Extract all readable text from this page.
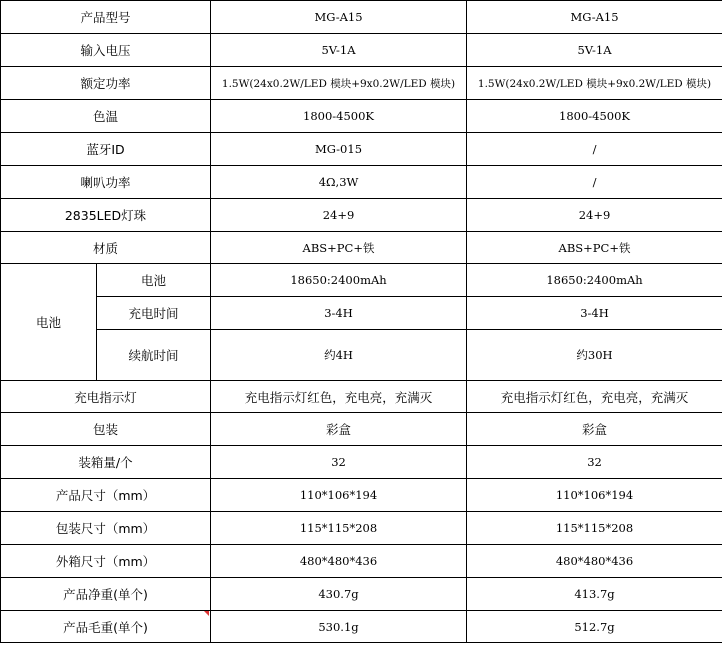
产品型号		MG-A15	MG-A15
输入电压		5V-1A	5V-1A
额定功率		1.5W(24x0.2W/LED 模块+9x0.2W/LED 模块)	1.5W(24x0.2W/LED 模块+9x0.2W/LED 模块)
色温		1800-4500K	1800-4500K
蓝牙ID		MG-015	/
喇叭功率		4Ω,3W	/
2835LED灯珠		24+9	24+9
材质		ABS+PC+铁	ABS+PC+铁
电池	电池	18650:2400mAh	18650:2400mAh
	充电时间	3-4H	3-4H
	续航时间	约4H	约30H
充电指示灯		充电指示灯红色，充电亮，充满灭	充电指示灯红色，充电亮，充满灭
包装		彩盒	彩盒
装箱量/个		32	32
产品尺寸（mm）		110*106*194	110*106*194
包装尺寸（mm）		115*115*208	115*115*208
外箱尺寸（mm）		480*480*436	480*480*436
产品净重(单个)		430.7g	413.7g
产品毛重(单个)		530.1g	512.7g
